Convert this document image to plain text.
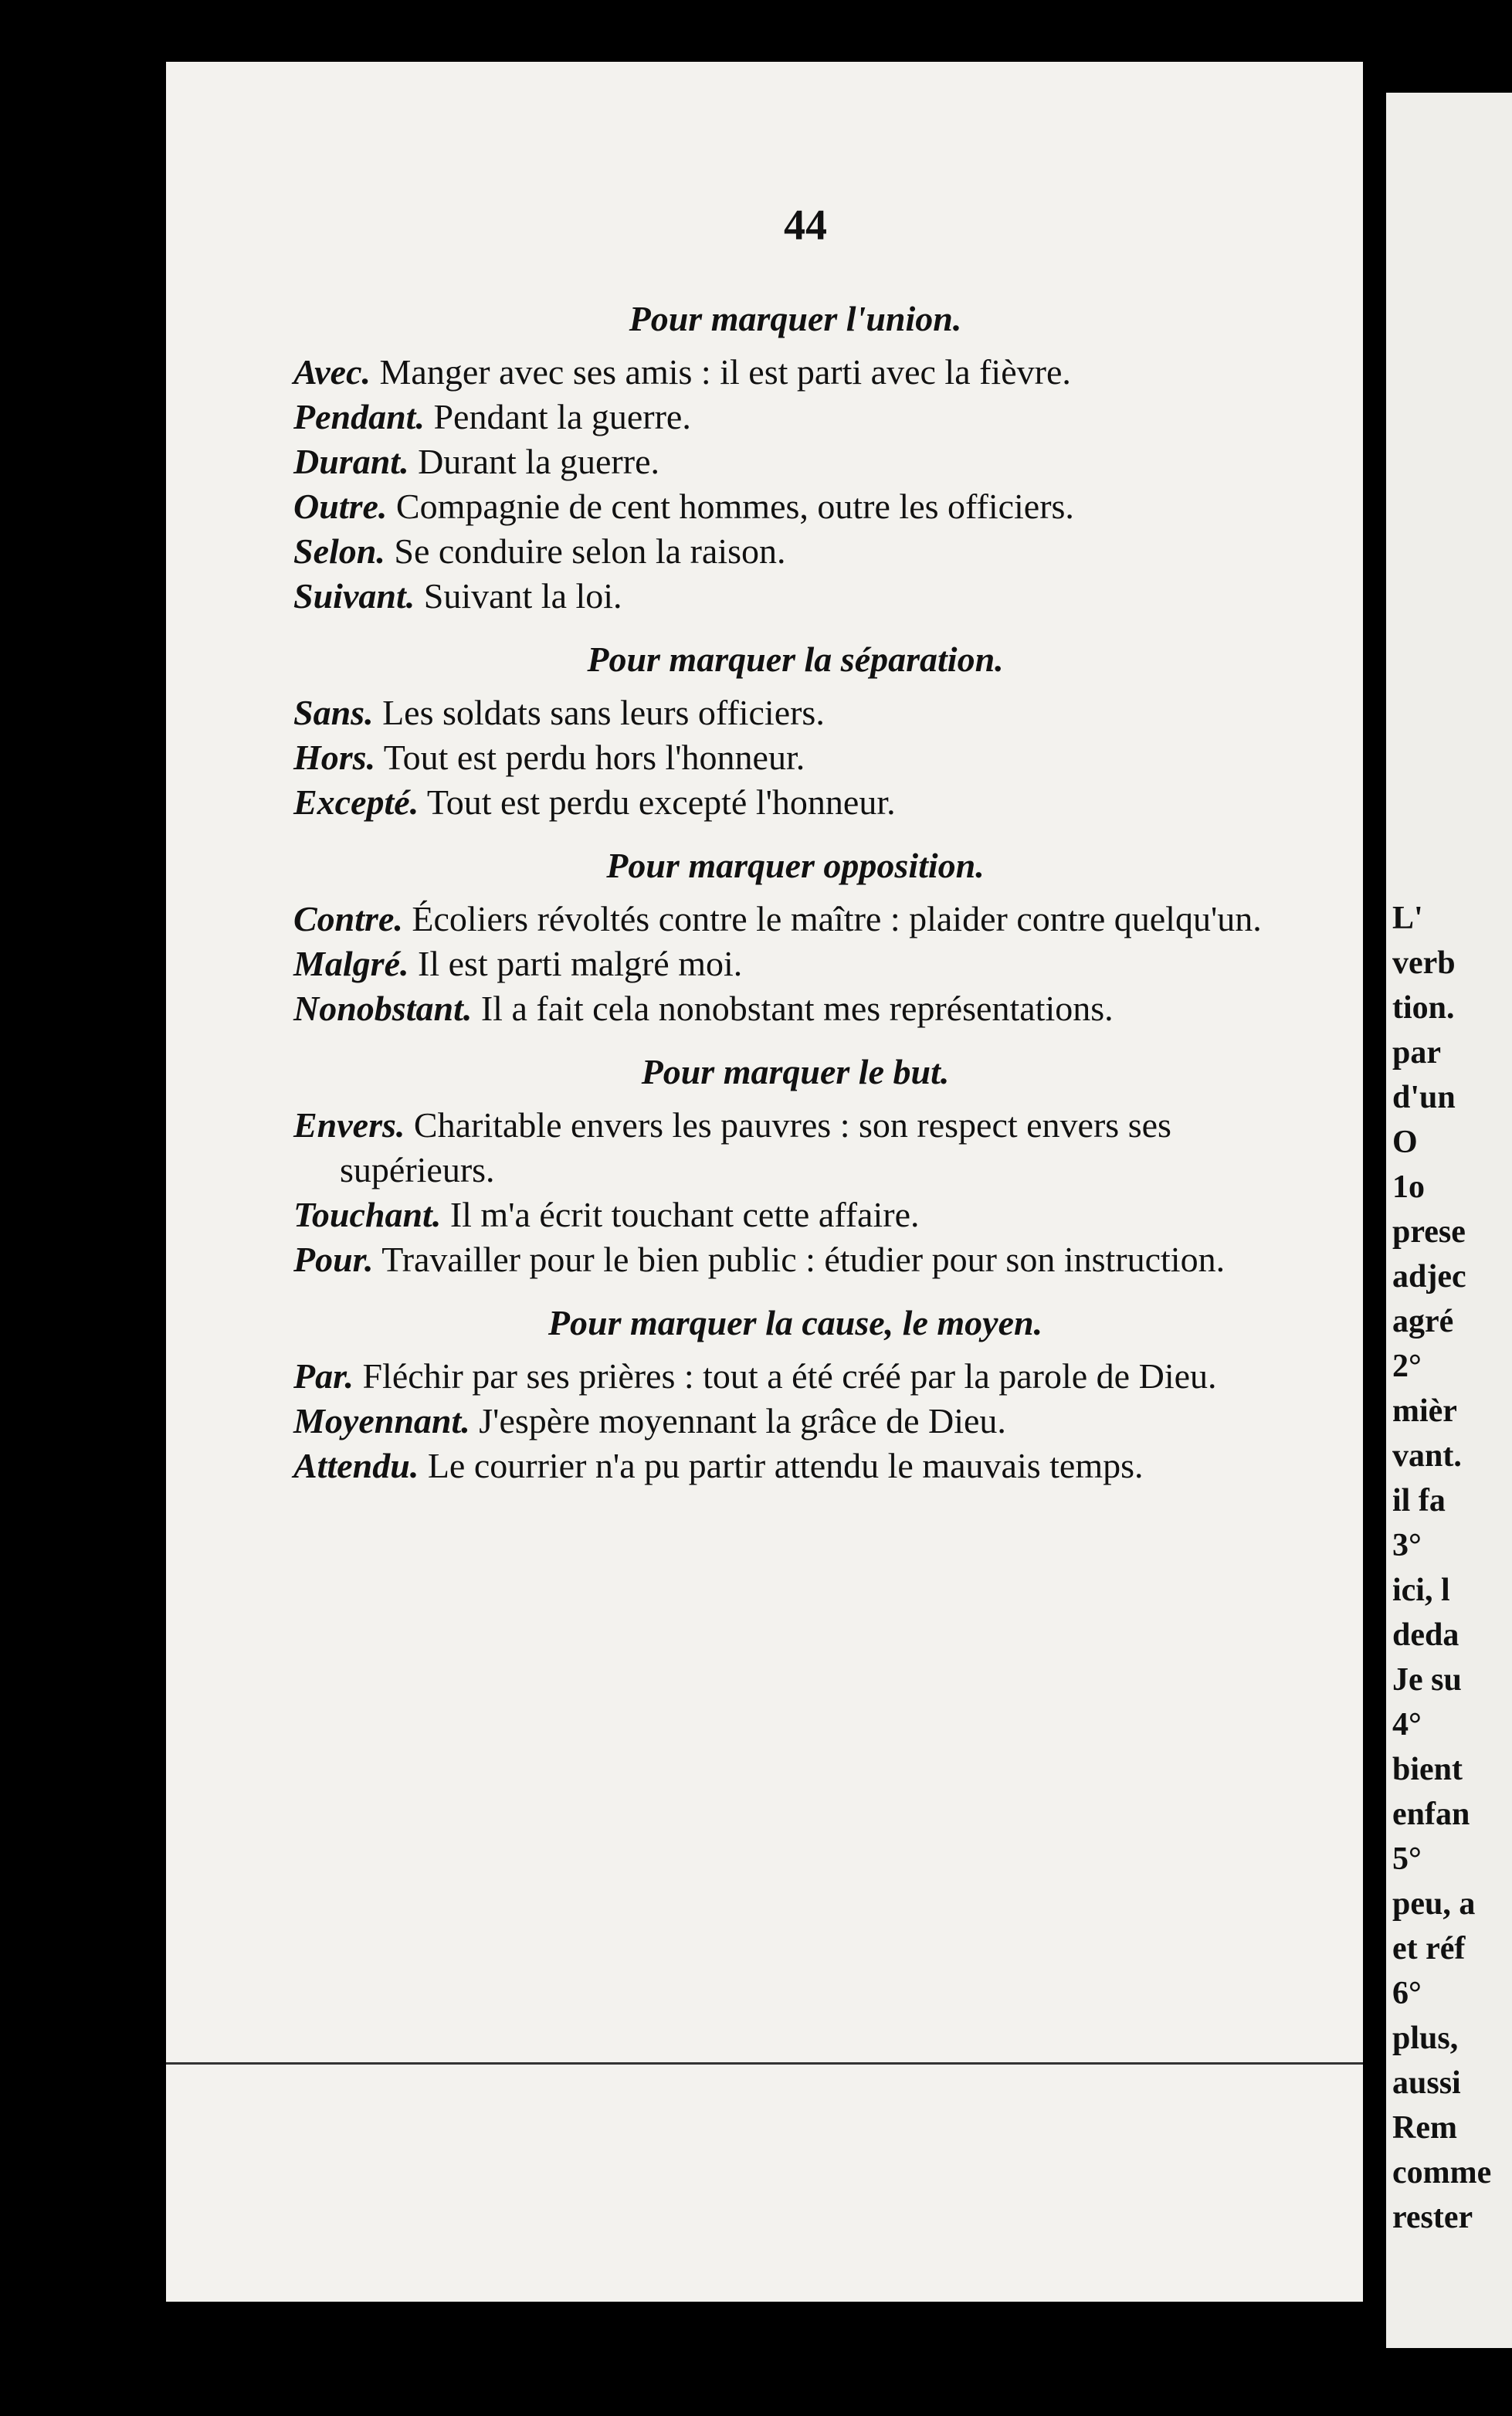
44
Pour marquer l'union.

Avec. Manger avec ses amis : il est parti avec la fièvre.

Pendant. Pendant la guerre.

Durant. Durant la guerre.

Outre. Compagnie de cent hommes, outre les officiers.

Selon. Se conduire selon la raison.

Suivant. Suivant la loi.

Pour marquer la séparation.

Sans. Les soldats sans leurs officiers.

Hors. Tout est perdu hors l'honneur.

Excepté. Tout est perdu excepté l'honneur.

Pour marquer opposition.

Contre. Écoliers révoltés contre le maître : plaider contre quelqu'un.

Malgré. Il est parti malgré moi.

Nonobstant. Il a fait cela nonobstant mes représentations.

Pour marquer le but.

Envers. Charitable envers les pauvres : son respect envers ses supérieurs.

Touchant. Il m'a écrit touchant cette affaire.

Pour. Travailler pour le bien public : étudier pour son instruction.

Pour marquer la cause, le moyen.

Par. Fléchir par ses prières : tout a été créé par la parole de Dieu.

Moyennant. J'espère moyennant la grâce de Dieu.

Attendu. Le courrier n'a pu partir attendu le mauvais temps.

L'
verb
tion.
par
d'un
O
1o
prese
adjec
agré
2°
mièr
vant.
il fa
3°
ici, l
deda
Je su
4°
bient
enfan
5°
peu, a
et réf
6°
plus,
aussi
Rem
comme
rester
